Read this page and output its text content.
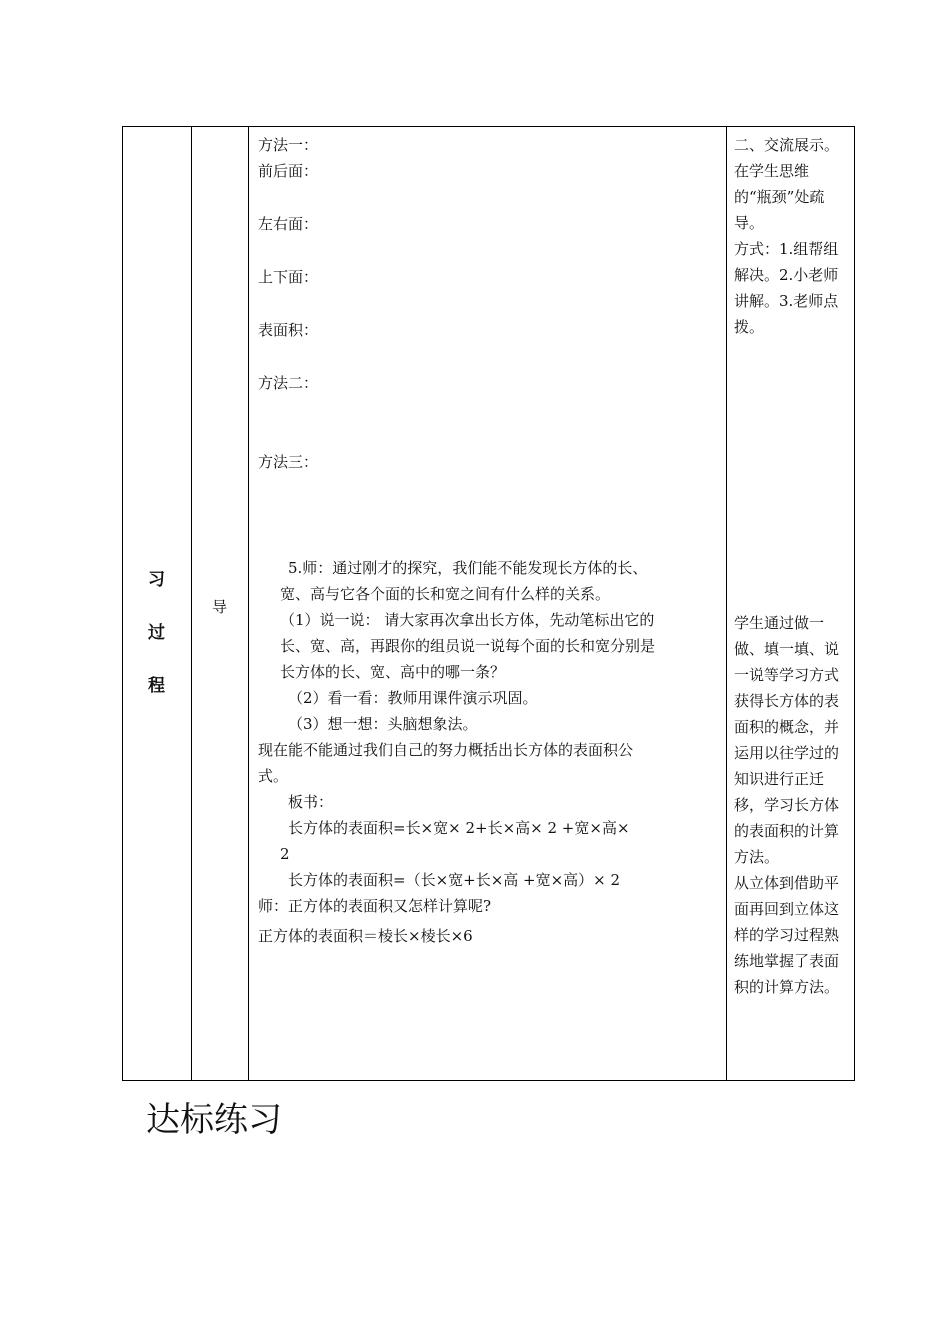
习
过
程
导

方法一：

前后面：

左右面：

上下面：

表面积：

方法二：

方法三：

5.师：通过刚才的探究，我们能不能发现长方体的长、

宽、高与它各个面的长和宽之间有什么样的关系。

（1）说一说： 请大家再次拿出长方体，先动笔标出它的

长、宽、高，再跟你的组员说一说每个面的长和宽分别是

长方体的长、宽、高中的哪一条？

（2）看一看：教师用课件演示巩固。

（3）想一想：头脑想象法。

现在能不能通过我们自己的努力概括出长方体的表面积公

式。

板书：

长方体的表面积=长×宽× 2+长×高× 2 +宽×高×

2

长方体的表面积=（长×宽+长×高 +宽×高）× 2

师：正方体的表面积又怎样计算呢?

正方体的表面积＝棱长×棱长×6

二、交流展示。

在学生思维的“瓶颈”处疏导。

方式：1.组帮组解决。2.小老师讲解。3.老师点拨。

学生通过做一做、填一填、说一说等学习方式获得长方体的表面积的概念，并运用以往学过的知识进行正迁移，学习长方体的表面积的计算方法。

从立体到借助平面再回到立体这样的学习过程熟练地掌握了表面积的计算方法。

达标练习
